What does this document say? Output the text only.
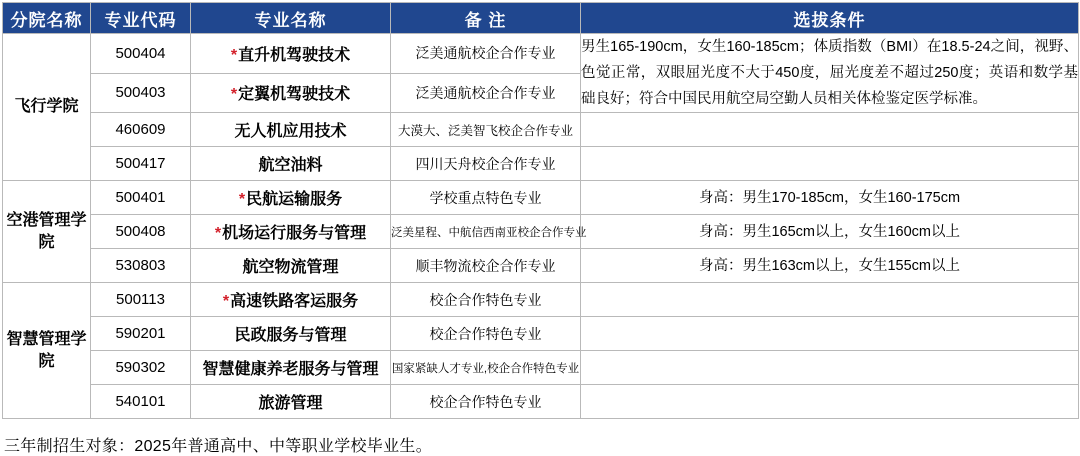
分院名称	专业代码	专业名称	备 注	选拔条件
飞行学院	500404	*直升机驾驶技术	泛美通航校企合作专业	男生165-190cm，女生160-185cm；体质指数（BMI）在18.5-24之间，视野、色觉正常，双眼屈光度不大于450度，屈光度差不超过250度；英语和数学基础良好；符合中国民用航空局空勤人员相关体检鉴定医学标准。
	500403	*定翼机驾驶技术	泛美通航校企合作专业	
	460609	无人机应用技术	大漠大、泛美智飞校企合作专业	
	500417	航空油料	四川天舟校企合作专业	
空港管理学院	500401	*民航运输服务	学校重点特色专业	身高：男生170-185cm，女生160-175cm
	500408	*机场运行服务与管理	泛美星程、中航信西南亚校企合作专业	身高：男生165cm以上，女生160cm以上
	530803	航空物流管理	顺丰物流校企合作专业	身高：男生163cm以上，女生155cm以上
智慧管理学院	500113	*高速铁路客运服务	校企合作特色专业	
	590201	民政服务与管理	校企合作特色专业	
	590302	智慧健康养老服务与管理	国家紧缺人才专业,校企合作特色专业	
	540101	旅游管理	校企合作特色专业	
三年制招生对象：2025年普通高中、中等职业学校毕业生。
